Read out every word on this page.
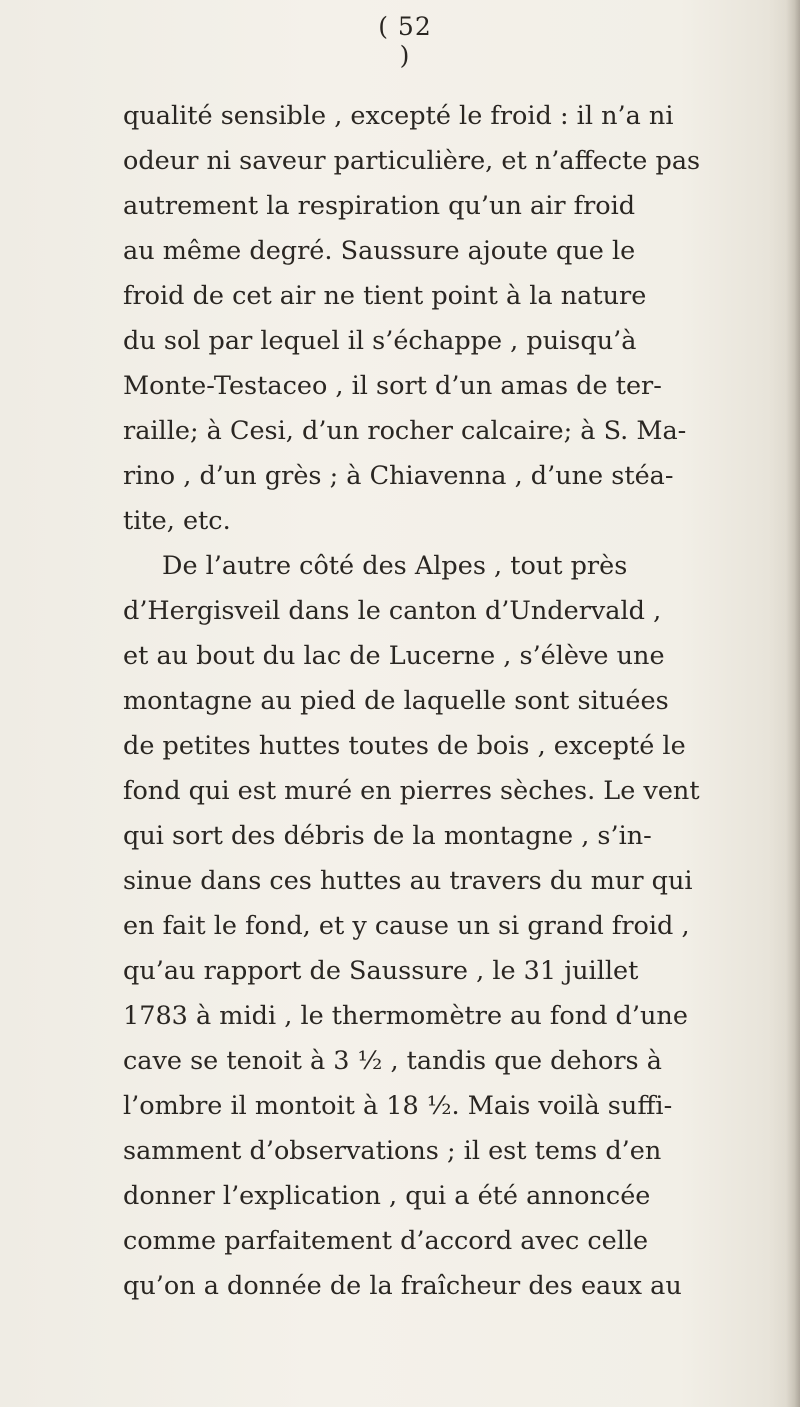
( 52 )
qualité sensible , excepté le froid : il n’a ni
odeur ni saveur particulière, et n’affecte pas
autrement la respiration qu’un air froid
au même degré. Saussure ajoute que le
froid de cet air ne tient point à la nature
du sol par lequel il s’échappe , puisqu’à
Monte-Testaceo , il sort d’un amas de ter-
raille; à Cesi, d’un rocher calcaire; à S. Ma-
rino , d’un grès ; à Chiavenna , d’une stéa-
tite, etc.
De l’autre côté des Alpes , tout près
d’Hergisveil dans le canton d’Undervald ,
et au bout du lac de Lucerne , s’élève une
montagne au pied de laquelle sont situées
de petites huttes toutes de bois , excepté le
fond qui est muré en pierres sèches. Le vent
qui sort des débris de la montagne , s’in-
sinue dans ces huttes au travers du mur qui
en fait le fond, et y cause un si grand froid ,
qu’au rapport de Saussure , le 31 juillet
1783 à midi , le thermomètre au fond d’une
cave se tenoit à 3 ½ , tandis que dehors à
l’ombre il montoit à 18 ½. Mais voilà suffi-
samment d’observations ; il est tems d’en
donner l’explication , qui a été annoncée
comme parfaitement d’accord avec celle
qu’on a donnée de la fraîcheur des eaux au
